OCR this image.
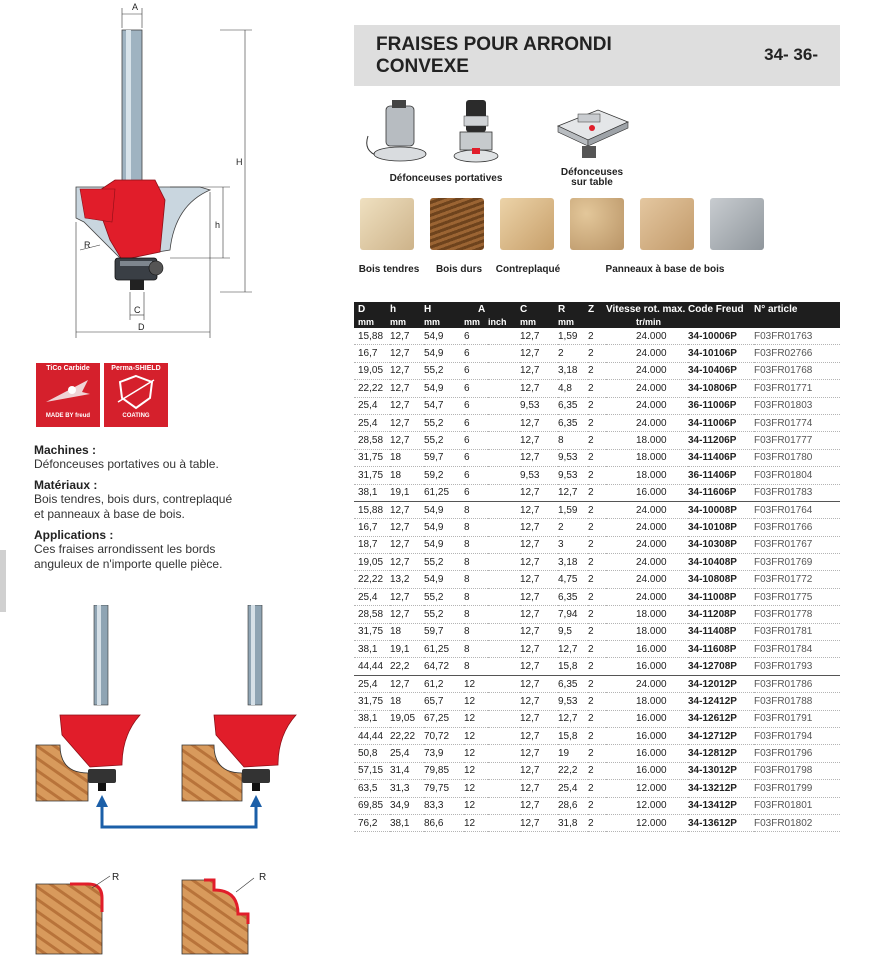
A
H
h
R
C
D
FRAISES POUR ARRONDI
CONVEXE
34- 36-
Défonceuses portatives
Défonceuses
sur table
Bois tendres	Bois durs	Contreplaqué	Panneaux à base de bois
D	h	H	A		C	R	Z	Vitesse rot. max.	Code Freud	N° article
mm	mm	mm	mm	inch	mm	mm		tr/min		
15,88	12,7	54,9	6		12,7	1,59	2	24.000	34-10006P	F03FR01763
16,7	12,7	54,9	6		12,7	2	2	24.000	34-10106P	F03FR02766
19,05	12,7	55,2	6		12,7	3,18	2	24.000	34-10406P	F03FR01768
22,22	12,7	54,9	6		12,7	4,8	2	24.000	34-10806P	F03FR01771
25,4	12,7	54,7	6		9,53	6,35	2	24.000	36-11006P	F03FR01803
25,4	12,7	55,2	6		12,7	6,35	2	24.000	34-11006P	F03FR01774
28,58	12,7	55,2	6		12,7	8	2	18.000	34-11206P	F03FR01777
31,75	18	59,7	6		12,7	9,53	2	18.000	34-11406P	F03FR01780
31,75	18	59,2	6		9,53	9,53	2	18.000	36-11406P	F03FR01804
38,1	19,1	61,25	6		12,7	12,7	2	16.000	34-11606P	F03FR01783
15,88	12,7	54,9	8		12,7	1,59	2	24.000	34-10008P	F03FR01764
16,7	12,7	54,9	8		12,7	2	2	24.000	34-10108P	F03FR01766
18,7	12,7	54,9	8		12,7	3	2	24.000	34-10308P	F03FR01767
19,05	12,7	55,2	8		12,7	3,18	2	24.000	34-10408P	F03FR01769
22,22	13,2	54,9	8		12,7	4,75	2	24.000	34-10808P	F03FR01772
25,4	12,7	55,2	8		12,7	6,35	2	24.000	34-11008P	F03FR01775
28,58	12,7	55,2	8		12,7	7,94	2	18.000	34-11208P	F03FR01778
31,75	18	59,7	8		12,7	9,5	2	18.000	34-11408P	F03FR01781
38,1	19,1	61,25	8		12,7	12,7	2	16.000	34-11608P	F03FR01784
44,44	22,2	64,72	8		12,7	15,8	2	16.000	34-12708P	F03FR01793
25,4	12,7	61,2	12		12,7	6,35	2	24.000	34-12012P	F03FR01786
31,75	18	65,7	12		12,7	9,53	2	18.000	34-12412P	F03FR01788
38,1	19,05	67,25	12		12,7	12,7	2	16.000	34-12612P	F03FR01791
44,44	22,22	70,72	12		12,7	15,8	2	16.000	34-12712P	F03FR01794
50,8	25,4	73,9	12		12,7	19	2	16.000	34-12812P	F03FR01796
57,15	31,4	79,85	12		12,7	22,2	2	16.000	34-13012P	F03FR01798
63,5	31,3	79,75	12		12,7	25,4	2	12.000	34-13212P	F03FR01799
69,85	34,9	83,3	12		12,7	28,6	2	12.000	34-13412P	F03FR01801
76,2	38,1	86,6	12		12,7	31,8	2	12.000	34-13612P	F03FR01802
TiCo Carbide
MADE BY freud
Perma-SHIELD
COATING
Machines :
Défonceuses portatives ou à table.
Matériaux :
Bois tendres, bois durs, contreplaqué
et panneaux à base de bois.
Applications :
Ces fraises arrondissent les bords
anguleux de n'importe quelle pièce.
R	R
